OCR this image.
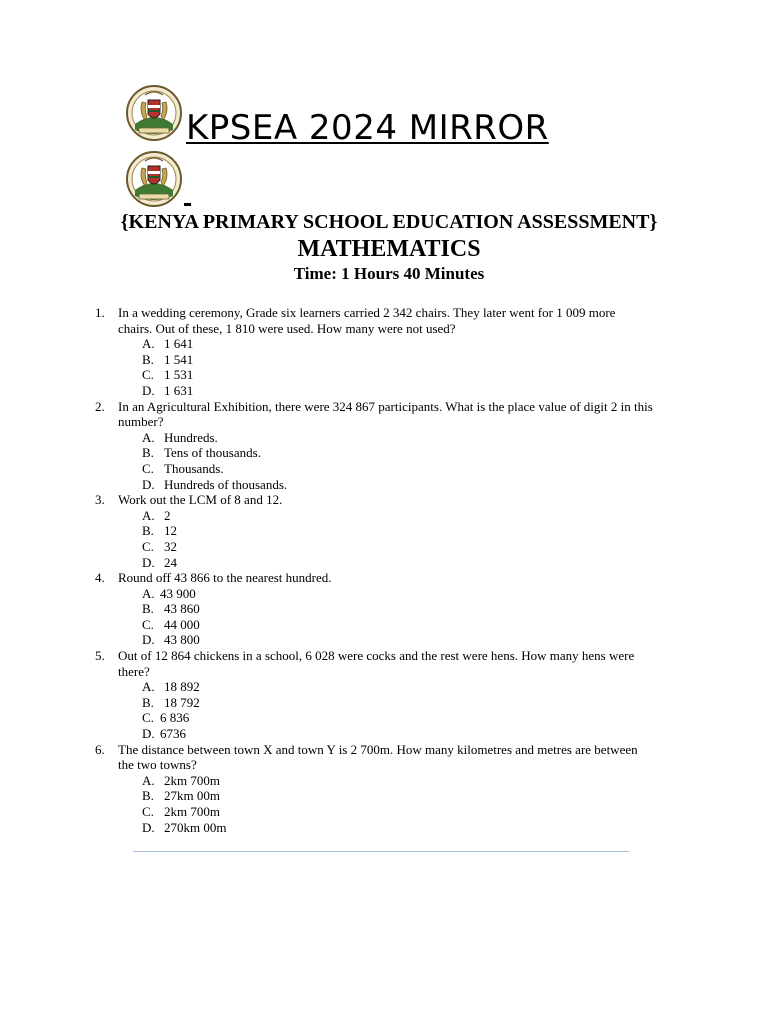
KPSEA 2024 MIRROR
{KENYA PRIMARY SCHOOL EDUCATION ASSESSMENT}
MATHEMATICS
Time: 1 Hours 40 Minutes
1. In a wedding ceremony, Grade six learners carried 2 342 chairs. They later went for 1 009 more
chairs. Out of these, 1 810 were used. How many were not used?
A. 1 641
B. 1 541
C. 1 531
D. 1 631
2. In an Agricultural Exhibition, there were 324 867 participants. What is the place value of digit 2 in this
number?
A. Hundreds.
B. Tens of thousands.
C. Thousands.
D. Hundreds of thousands.
3. Work out the LCM of 8 and 12.
A. 2
B. 12
C. 32
D. 24
4. Round off 43 866 to the nearest hundred.
A. 43 900
B. 43 860
C. 44 000
D. 43 800
5. Out of 12 864 chickens in a school, 6 028 were cocks and the rest were hens. How many hens were
there?
A. 18 892
B. 18 792
C. 6 836
D. 6736
6. The distance between town X and town Y is 2 700m. How many kilometres and metres are between
the two towns?
A. 2km 700m
B. 27km 00m
C. 2km 700m
D. 270km 00m
